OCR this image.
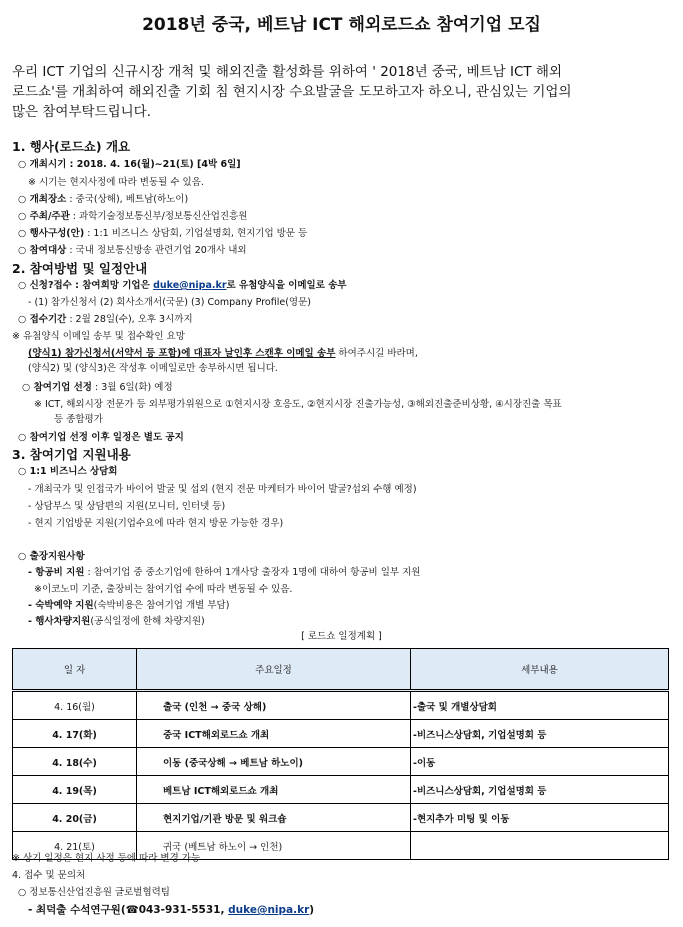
2018년 중국, 베트남 ICT 해외로드쇼 참여기업 모집
우리 ICT 기업의 신규시장 개척 및 해외진출 활성화를 위하여 ' 2018년 중국, 베트남 ICT 해외
로드쇼'를 개최하여 해외진출 기회 침 현지시장 수요발굴을 도모하고자 하오니, 관심있는 기업의
많은 참여부탁드립니다.
1. 행사(로드쇼) 개요
○ 개최시기 : 2018. 4. 16(월)~21(토) [4박 6일]
※ 시기는 현지사정에 따라 변동될 수 있음.
○ 개최장소 : 중국(상해), 베트남(하노이)
○ 주최/주관 : 과학기술정보통신부/정보통신산업진흥원
○ 행사구성(안) : 1:1 비즈니스 상담회, 기업설명회, 현지기업 방문 등
○ 참여대상 : 국내 정보통신방송 관련기업 20개사 내외
2. 참여방법 및 일정안내
○ 신청?접수 : 참여희망 기업은 duke@nipa.kr로 유첨양식을 이메일로 송부
- (1) 참가신청서 (2) 회사소개서(국문) (3) Company Profile(영문)
○ 접수기간 : 2월 28일(수), 오후 3시까지
※ 유첨양식 이메일 송부 및 접수확인 요망
(양식1) 참가신청서(서약서 등 포함)에 대표자 날인후 스캔후 이메일 송부 하여주시길 바라며,
(양식2) 및 (양식3)은 작성후 이메일로만 송부하시면 됩니다.
○ 참여기업 선정 : 3월 6일(화) 예정
※ ICT, 해외시장 전문가 등 외부평가위원으로 ①현지시장 호응도, ②현지시장 진출가능성, ③해외진출준비상황, ④시장진출 목표
등 종합평가
○ 참여기업 선정 이후 일정은 별도 공지
3. 참여기업 지원내용
○ 1:1 비즈니스 상담회
- 개최국가 및 인접국가 바이어 발굴 및 섭외 (현지 전문 마케터가 바이어 발굴?섭외 수행 예정)
- 상담부스 및 상담편의 지원(모니터, 인터넷 등)
- 현지 기업방문 지원(기업수요에 따라 현지 방문 가능한 경우)
○ 출장지원사항
- 항공비 지원 : 참여기업 중 중소기업에 한하여 1개사당 출장자 1명에 대하여 항공비 일부 지원
※이코노미 기준, 출장비는 참여기업 수에 따라 변동될 수 있음.
- 숙박예약 지원(숙박비용은 참여기업 개별 부담)
- 행사차량지원(공식일정에 한해 차량지원)
[ 로드쇼 일정계획 ]
일 자	주요일정	세부내용
4. 16(월)	출국 (인천 → 중국 상해)	-출국 및 개별상담회
4. 17(화)	중국 ICT해외로드쇼 개최	-비즈니스상담회, 기업설명회 등
4. 18(수)	이동 (중국상해 → 베트남 하노이)	-이동
4. 19(목)	베트남 ICT해외로드쇼 개최	-비즈니스상담회, 기업설명회 등
4. 20(금)	현지기업/기관 방문 및 워크숍	-현지추가 미팅 및 이동
4. 21(토)	귀국 (베트남 하노이 → 인천)	
※ 상기 일정은 현지 사정 등에 따라 변경 가능
4. 접수 및 문의처
○ 정보통신산업진흥원 글로벌협력팀
- 최덕출 수석연구원(☎043-931-5531, duke@nipa.kr)
